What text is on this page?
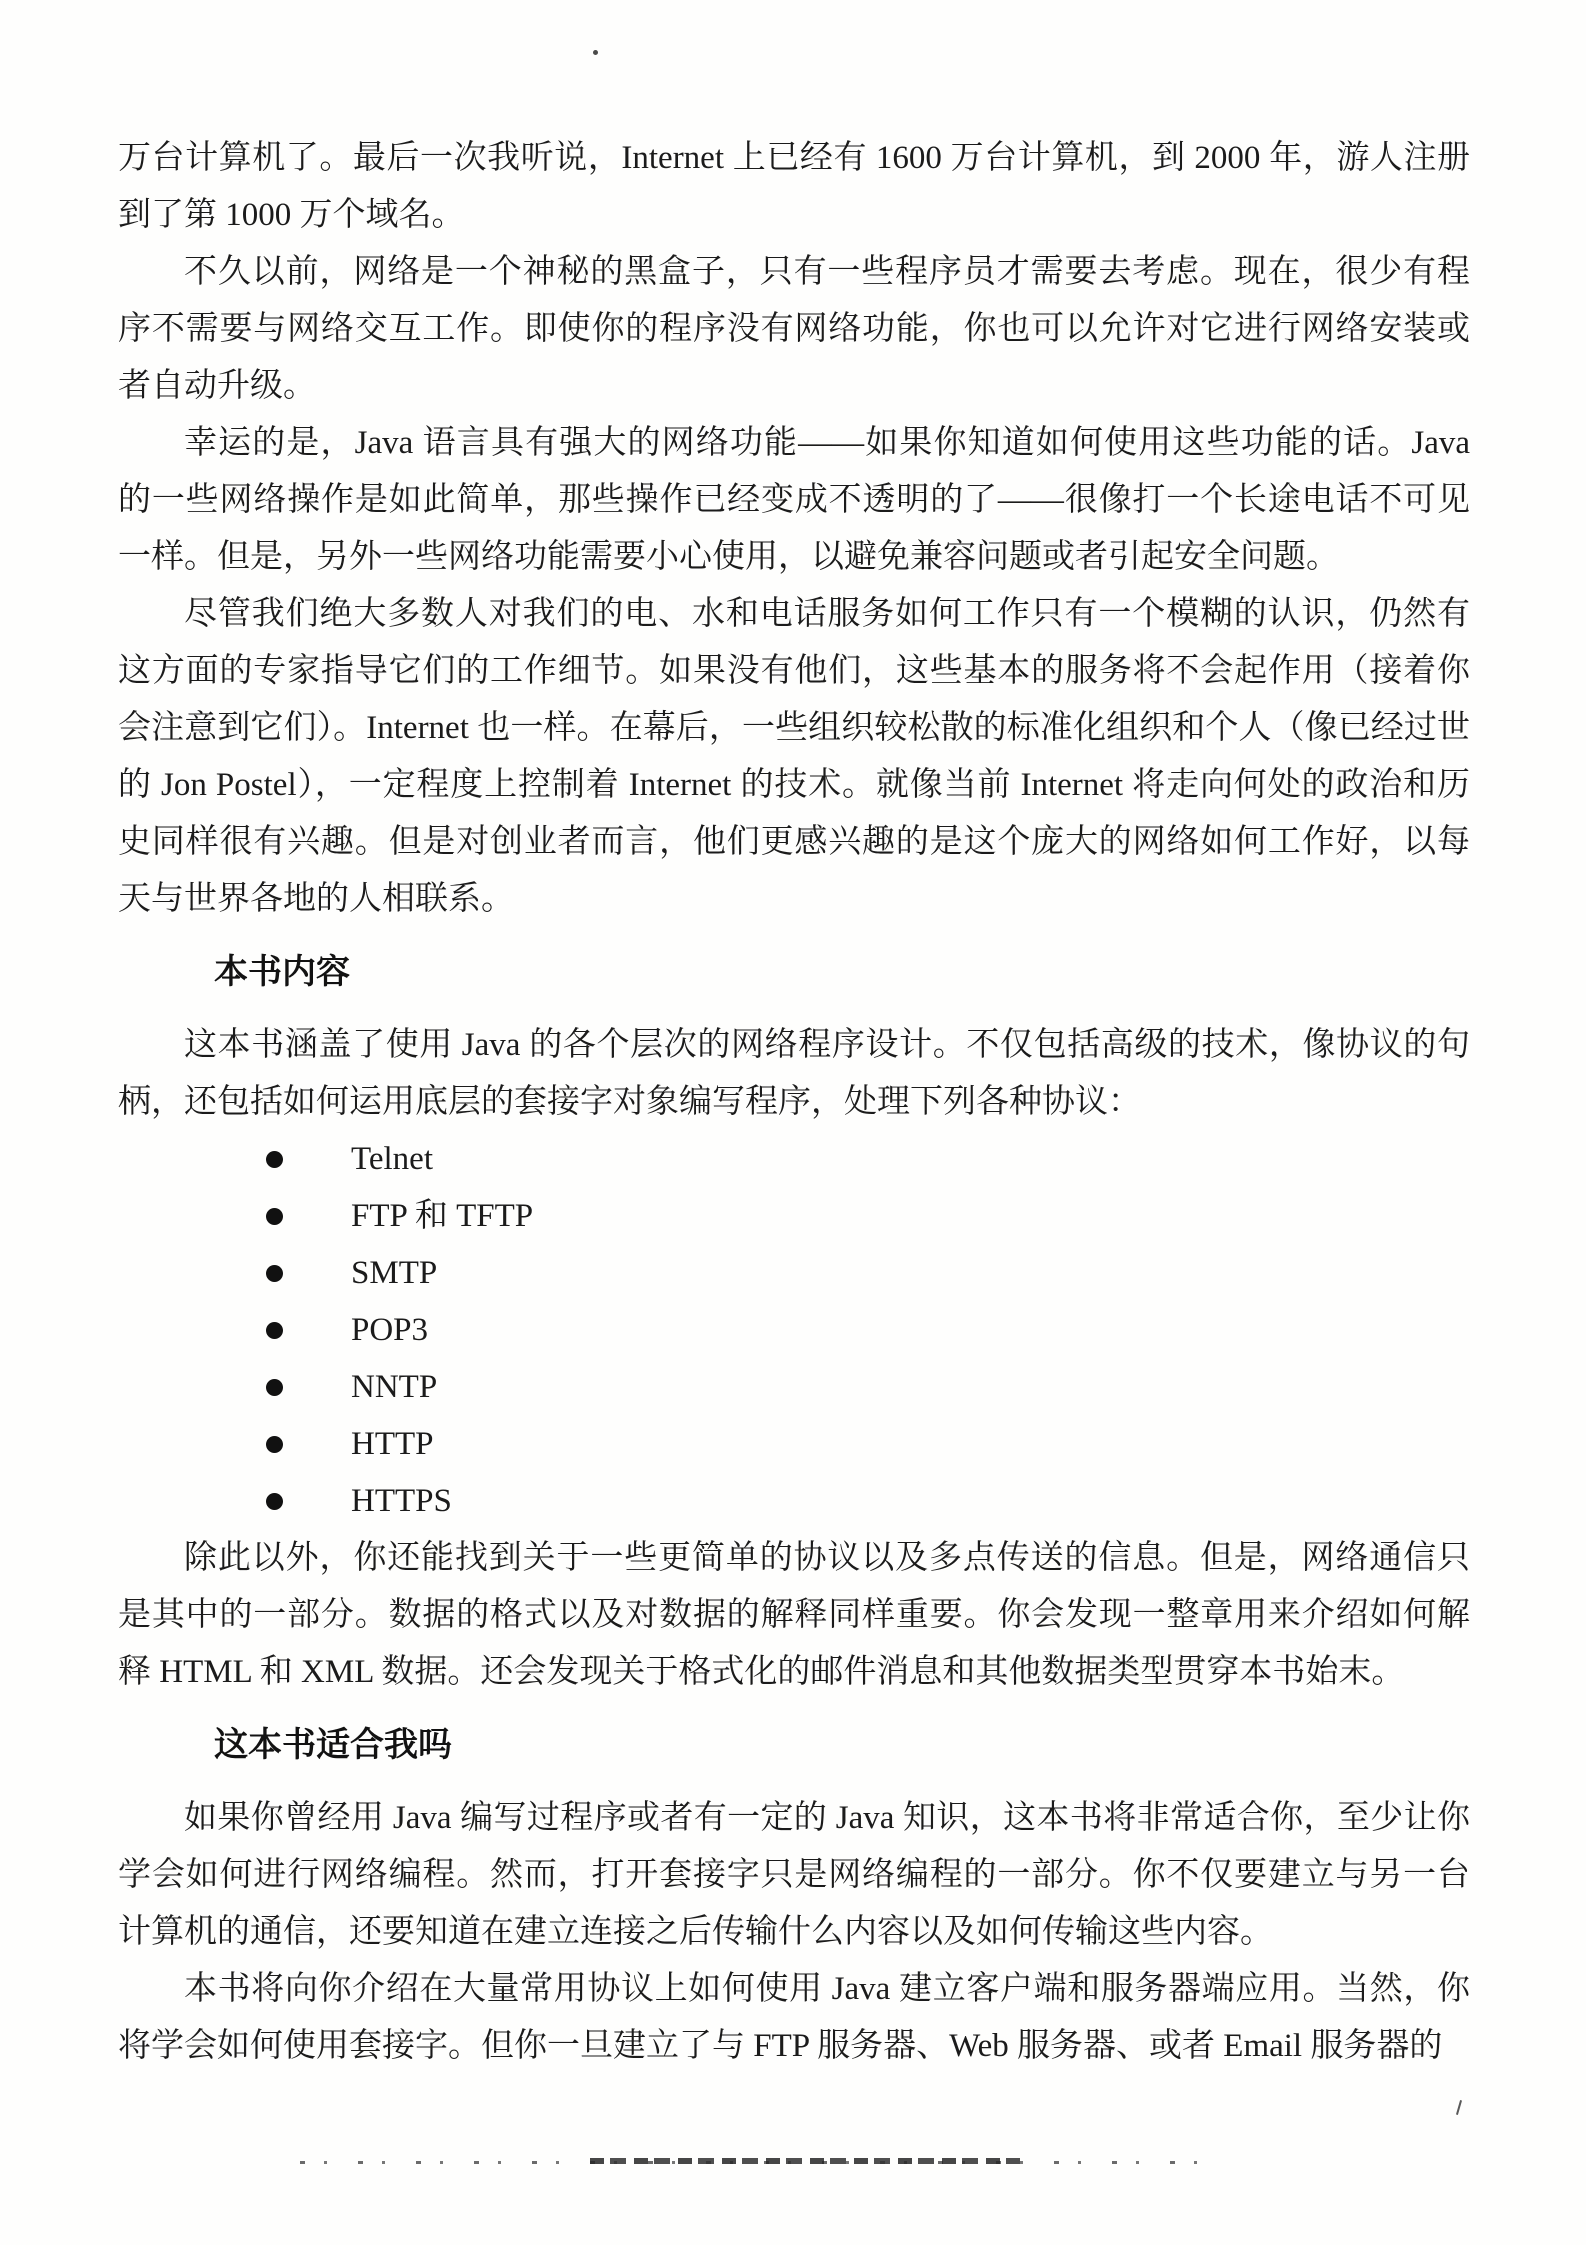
万台计算机了。最后一次我听说，Internet 上已经有 1600 万台计算机，到 2000 年，游人注册到了第 1000 万个域名。

不久以前，网络是一个神秘的黑盒子，只有一些程序员才需要去考虑。现在，很少有程序不需要与网络交互工作。即使你的程序没有网络功能，你也可以允许对它进行网络安装或者自动升级。

幸运的是，Java 语言具有强大的网络功能——如果你知道如何使用这些功能的话。Java 的一些网络操作是如此简单，那些操作已经变成不透明的了——很像打一个长途电话不可见一样。但是，另外一些网络功能需要小心使用，以避免兼容问题或者引起安全问题。

尽管我们绝大多数人对我们的电、水和电话服务如何工作只有一个模糊的认识，仍然有这方面的专家指导它们的工作细节。如果没有他们，这些基本的服务将不会起作用（接着你会注意到它们）。Internet 也一样。在幕后，一些组织较松散的标准化组织和个人（像已经过世的 Jon Postel），一定程度上控制着 Internet 的技术。就像当前 Internet 将走向何处的政治和历史同样很有兴趣。但是对创业者而言，他们更感兴趣的是这个庞大的网络如何工作好，以每天与世界各地的人相联系。

本书内容

这本书涵盖了使用 Java 的各个层次的网络程序设计。不仅包括高级的技术，像协议的句柄，还包括如何运用底层的套接字对象编写程序，处理下列各种协议：

Telnet
FTP 和 TFTP
SMTP
POP3
NNTP
HTTP
HTTPS

除此以外，你还能找到关于一些更简单的协议以及多点传送的信息。但是，网络通信只是其中的一部分。数据的格式以及对数据的解释同样重要。你会发现一整章用来介绍如何解释 HTML 和 XML 数据。还会发现关于格式化的邮件消息和其他数据类型贯穿本书始末。

这本书适合我吗

如果你曾经用 Java 编写过程序或者有一定的 Java 知识，这本书将非常适合你，至少让你学会如何进行网络编程。然而，打开套接字只是网络编程的一部分。你不仅要建立与另一台计算机的通信，还要知道在建立连接之后传输什么内容以及如何传输这些内容。

本书将向你介绍在大量常用协议上如何使用 Java 建立客户端和服务器端应用。当然，你将学会如何使用套接字。但你一旦建立了与 FTP 服务器、Web 服务器、或者 Email 服务器的
